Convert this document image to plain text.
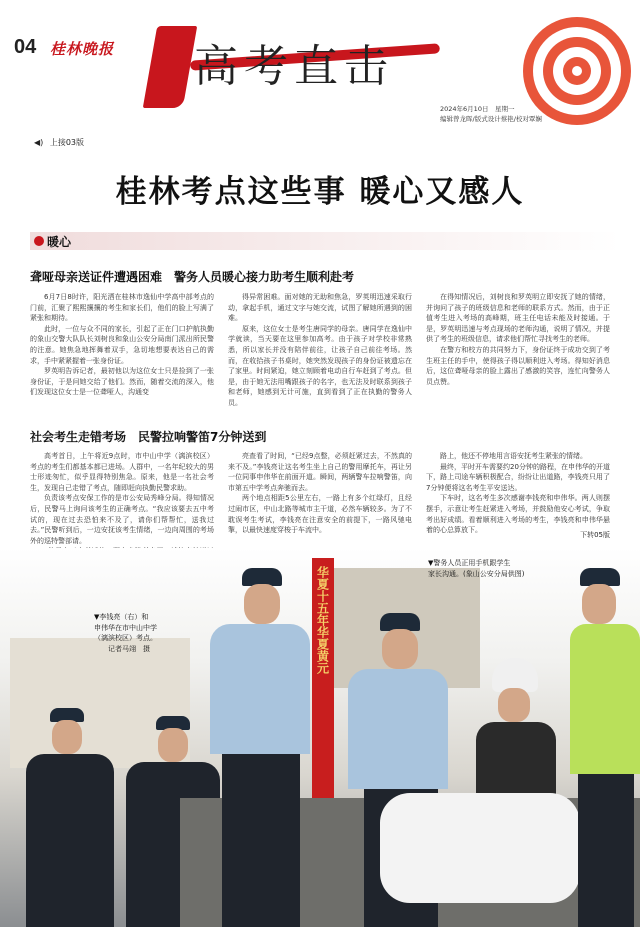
04 桂林晚报 高考直击
2024年6月10日　星期一
编辑曾龙晖/版式设计蔡艳/校对覃娴
◀) 上接03版
桂林考点这些事 暖心又感人
暖心
聋哑母亲送证件遭遇困难　警务人员暖心接力助考生顺利赴考

6月7日8时许，阳光洒在桂林市逸仙中学高中部考点的门前，汇聚了熙熙攘攘的考生和家长们，他们的脸上写满了紧张和期待。

此时，一位与众不同的家长，引起了正在门口护航执勤的象山交警大队队长刘树良和象山公安分局南门派出所民警的注意。她焦急地挥舞着双手，急切地想要表达自己的需求，手中紧紧握着一张身份证。

罗英明告诉记者，最初他以为这位女士只是捡到了一张身份证，于是问她交给了他们。然而，随着交流的深入，他们发现这位女士是一位聋哑人，沟通变

得异常困难。面对她的无助和焦急，罗英明迅速采取行动，拿起手机，通过文字与她交流，试图了解她所遇到的困难。

原来，这位女士是考生唐同学的母亲。唐同学在逸仙中学就读，当天要在这里参加高考。由于孩子对学校非常熟悉，所以家长并没有陪伴前往，让孩子自己前往考场。然而，在收拾孩子书桌时，她突然发现孩子的身份证被遗忘在了家里。时间紧迫，她立刻顾着电动自行车赶到了考点。但是，由于她无法用嘴跟孩子的名字，也无法及时联系到孩子和老师，她感到无计可施，直到看到了正在执勤的警务人员。

在得知情况后，刘树良和罗英明立即安抚了她的情绪，并询问了孩子的班级信息和老师的联系方式。然而，由于正值考生进入考场的高峰期，班主任电话未能及时接通。于是，罗英明迅速与考点现场的老师沟通，说明了情况，并提供了考生的班级信息，请求他们帮忙寻找考生的老师。

在警方和校方的共同努力下，身份证终于成功交到了考生班主任的手中，使得孩子得以顺利进入考场。得知好消息后，这位聋哑母亲的脸上露出了感激的笑容，连忙向警务人员点赞。

社会考生走错考场　民警拉响警笛7分钟送到

高考首日，上午将近9点时，市中山中学（漓滨校区）考点的考生们都基本都已进场。人群中，一名年纪较大的男士形迹匆忙，似乎显得特别焦急。原来，他是一名社会考生，发现自己走错了考点，随即赶向执勤民警求助。

负责该考点安保工作的是市公安局秀峰分局。得知情况后，民警马上询问该考生的正确考点。“我应该要去五中考试的，现在过去恐怕来不及了，请你们帮帮忙，送我过去。”民警听到后，一边安抚该考生情绪，一边向周围的考场外的巡特警部请。

亮查看了时间，“已经9点整，必须赶紧过去，不然真的来不及。”李钱亮让这名考生坐上自己的警用摩托车，再让另一位同事申伟华在前面开道。瞬间，两辆警车拉响警笛，向市第五中学考点奔驰而去。

两个地点相距5公里左右，一路上有多个红绿灯，且经过闹市区，中山北路等城市主干道，必然车辆较多。为了不耽误考生考试，李钱亮在注意安全的前提下，一路风驰电掣，以最快速度穿梭于车流中。

路上，他还不停地用言语安抚考生紧张的情绪。

最终，平时开车需要约20分钟的路程，在申伟华的开道下，路上司途车辆积极配合，纷纷让出道路，李钱亮只用了7分钟便将这名考生平安送达。

下车时，这名考生多次感谢李钱亮和申伟华。两人则摆摆手，示意让考生赶紧进入考场，并鼓励他安心考试，争取考出好成绩。看着顺利进入考场的考生，李钱亮和申伟华悬着的心总算放下。

下转05版
华夏十五年华夏黄元
▼李钱亮（右）和
申伟华在市中山中学
（漓滨校区）考点。
记者马翊　摄
▼警务人员正用手机跟学生
家长沟通。(象山公安分局供图)
